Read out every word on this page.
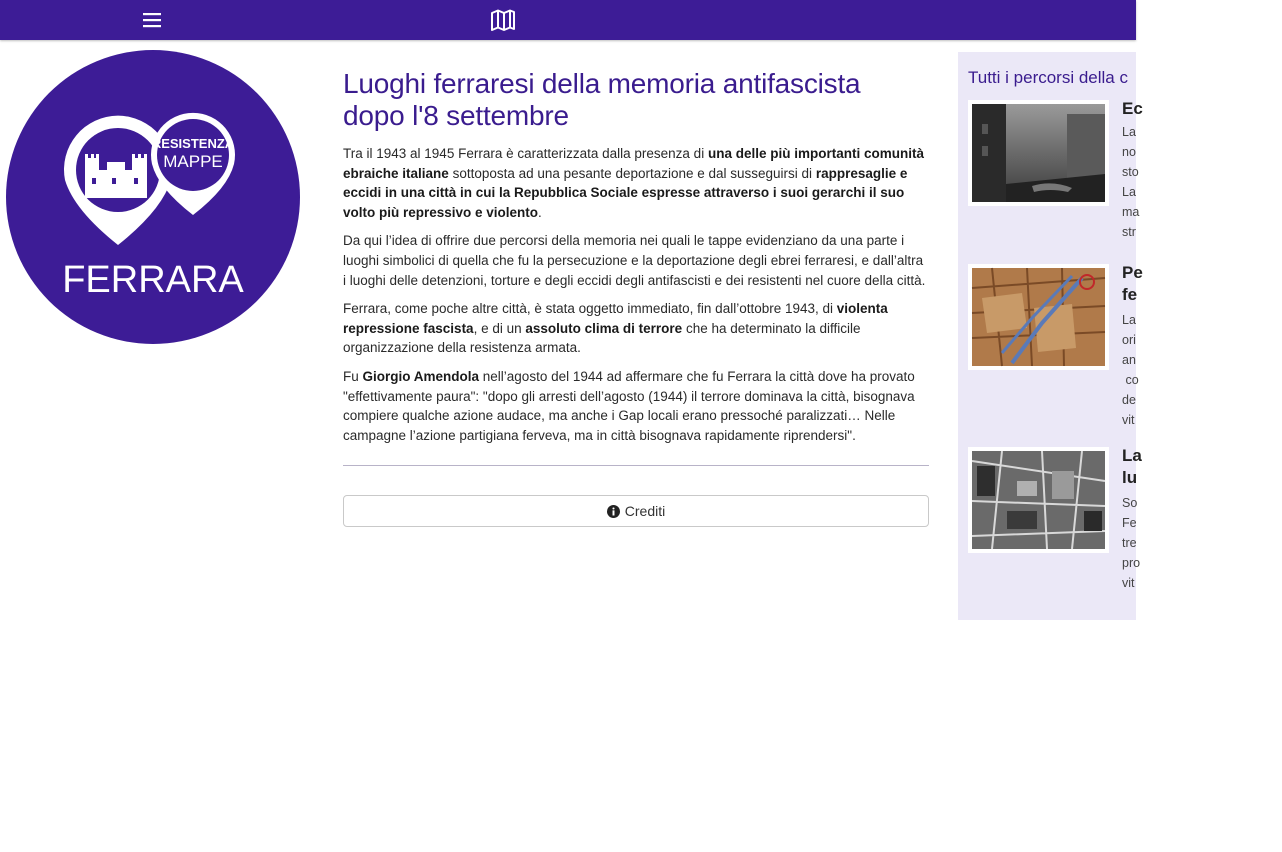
RESISTENZA
MAPPE
FERRARA
Luoghi ferraresi della memoria antifascista dopo l'8 settembre

Tra il 1943 al 1945 Ferrara è caratterizzata dalla presenza di una delle più importanti comunità ebraiche italiane sottoposta ad una pesante deportazione e dal susseguirsi di rappresaglie e eccidi in una città in cui la Repubblica Sociale espresse attraverso i suoi gerarchi il suo volto più repressivo e violento.

Da qui l’idea di offrire due percorsi della memoria nei quali le tappe evidenziano da una parte i luoghi simbolici di quella che fu la persecuzione e la deportazione degli ebrei ferraresi, e dall’altra i luoghi delle detenzioni, torture e degli eccidi degli antifascisti e dei resistenti nel cuore della città.

Ferrara, come poche altre città, è stata oggetto immediato, fin dall’ottobre 1943, di violenta repressione fascista, e di un assoluto clima di terrore che ha determinato la difficile organizzazione della resistenza armata.

Fu Giorgio Amendola nell’agosto del 1944 ad affermare che fu Ferrara la città dove ha provato "effettivamente paura": "dopo gli arresti dell’agosto (1944) il terrore dominava la città, bisognava compiere qualche azione audace, ma anche i Gap locali erano pressoché paralizzati… Nelle campagne l’azione partigiana ferveva, ma in città bisognava rapidamente riprendersi".

Crediti
Tutti i percorsi della c
Ec
La
no
sto
La
ma
str
Pe
fe
La
ori
an
co
de
vit
La
lu
So
Fe
tre
pro
vit
